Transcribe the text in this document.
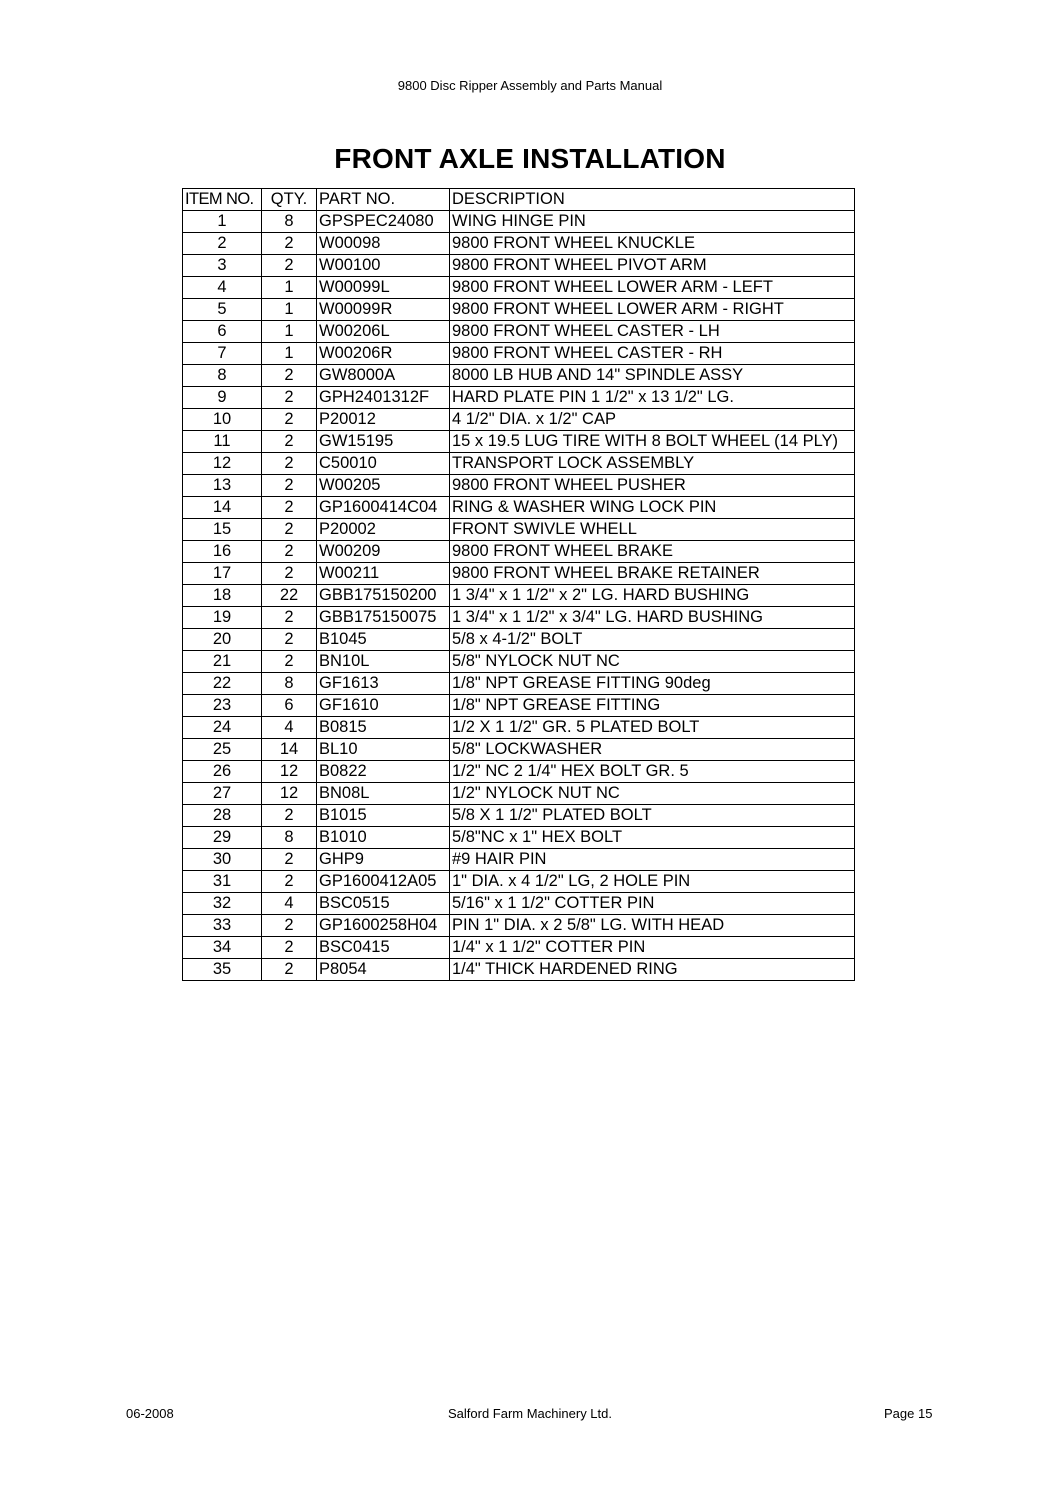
9800 Disc Ripper Assembly and Parts Manual
FRONT AXLE INSTALLATION
ITEM NO.	QTY.	PART NO.	DESCRIPTION
1	8	GPSPEC24080	WING HINGE PIN
2	2	W00098	9800 FRONT WHEEL KNUCKLE
3	2	W00100	9800 FRONT WHEEL PIVOT ARM
4	1	W00099L	9800 FRONT WHEEL LOWER ARM - LEFT
5	1	W00099R	9800 FRONT WHEEL LOWER ARM - RIGHT
6	1	W00206L	9800 FRONT WHEEL CASTER - LH
7	1	W00206R	9800 FRONT WHEEL CASTER - RH
8	2	GW8000A	8000 LB HUB AND 14" SPINDLE ASSY
9	2	GPH2401312F	HARD PLATE PIN 1 1/2" x 13 1/2" LG.
10	2	P20012	4 1/2" DIA. x 1/2" CAP
11	2	GW15195	15 x 19.5 LUG TIRE WITH 8 BOLT WHEEL (14 PLY)
12	2	C50010	TRANSPORT LOCK ASSEMBLY
13	2	W00205	9800 FRONT WHEEL PUSHER
14	2	GP1600414C04	RING & WASHER WING LOCK PIN
15	2	P20002	FRONT SWIVLE WHELL
16	2	W00209	9800 FRONT WHEEL BRAKE
17	2	W00211	9800 FRONT WHEEL BRAKE RETAINER
18	22	GBB175150200	1 3/4" x 1 1/2" x 2" LG. HARD BUSHING
19	2	GBB175150075	1 3/4" x 1 1/2" x 3/4" LG. HARD BUSHING
20	2	B1045	5/8 x 4-1/2" BOLT
21	2	BN10L	5/8" NYLOCK NUT NC
22	8	GF1613	1/8" NPT GREASE FITTING 90deg
23	6	GF1610	1/8" NPT GREASE FITTING
24	4	B0815	1/2 X 1 1/2" GR. 5 PLATED BOLT
25	14	BL10	5/8" LOCKWASHER
26	12	B0822	1/2" NC 2 1/4" HEX BOLT GR. 5
27	12	BN08L	1/2" NYLOCK NUT NC
28	2	B1015	5/8 X 1 1/2" PLATED BOLT
29	8	B1010	5/8"NC x 1" HEX BOLT
30	2	GHP9	#9 HAIR PIN
31	2	GP1600412A05	1" DIA. x 4 1/2" LG, 2 HOLE PIN
32	4	BSC0515	5/16" x 1 1/2" COTTER PIN
33	2	GP1600258H04	PIN 1" DIA. x 2 5/8" LG. WITH HEAD
34	2	BSC0415	1/4" x 1 1/2" COTTER PIN
35	2	P8054	1/4" THICK HARDENED RING
06-2008	Salford Farm Machinery Ltd.	Page 15
